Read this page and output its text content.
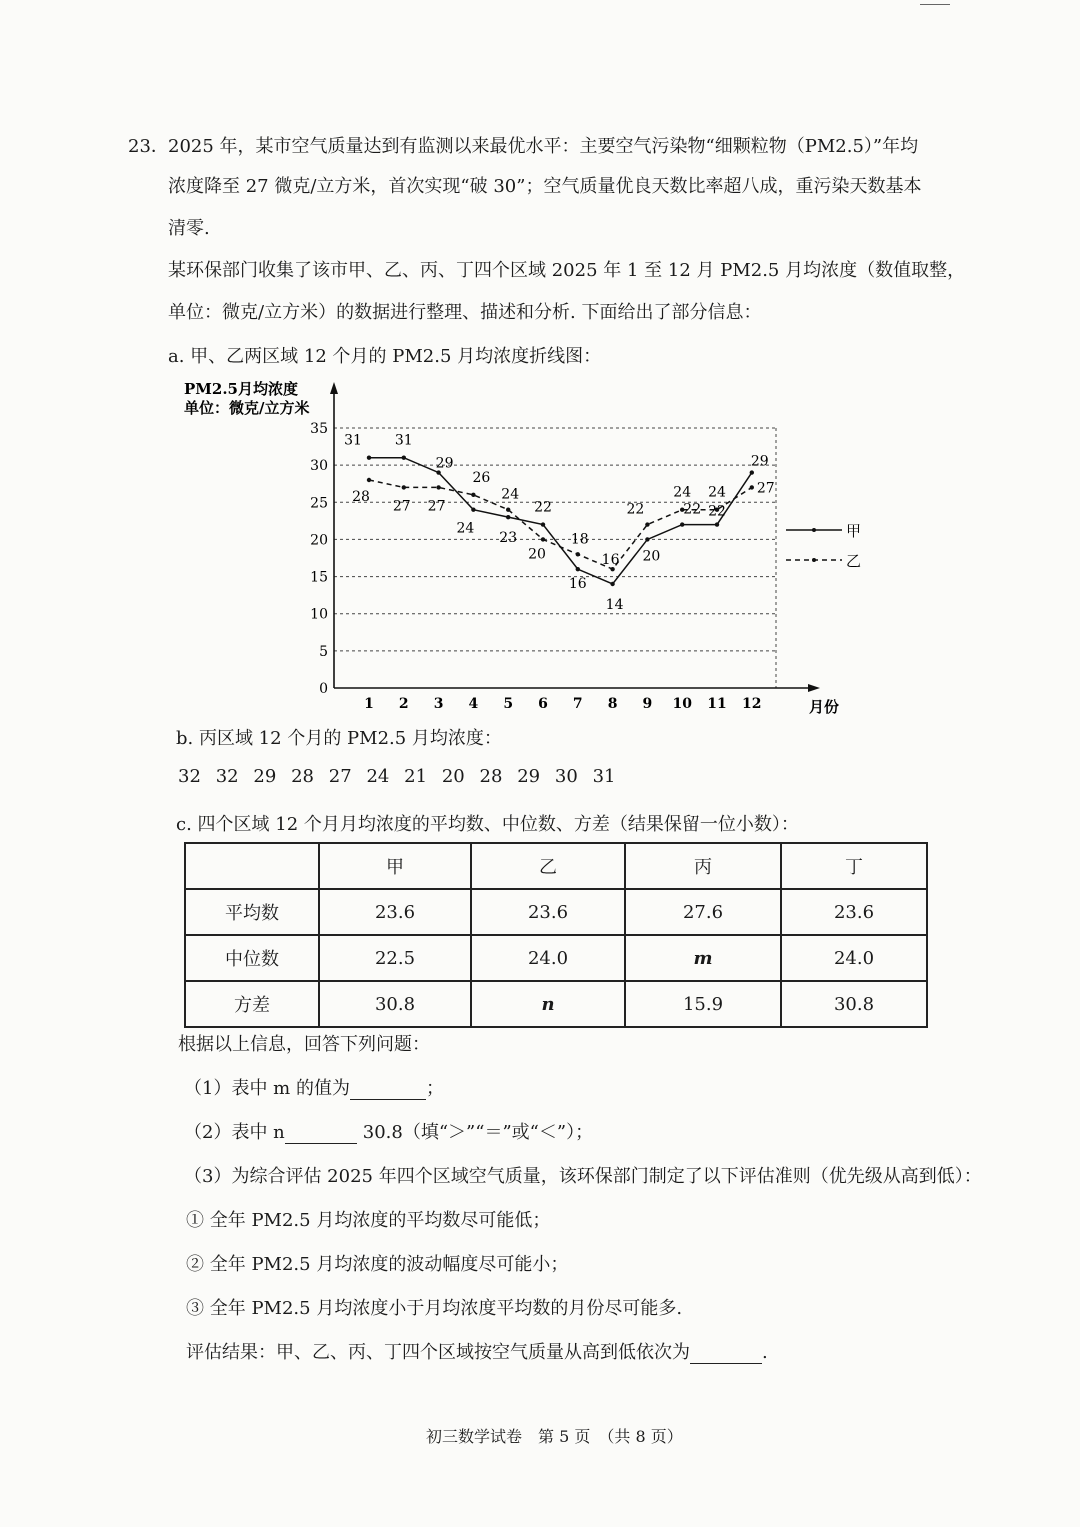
23． 2025 年，某市空气质量达到有监测以来最优水平：主要空气污染物“细颗粒物（PM2.5）”年均
浓度降至 27 微克/立方米，首次实现“破 30”；空气质量优良天数比率超八成，重污染天数基本
清零.
某环保部门收集了该市甲、乙、丙、丁四个区域 2025 年 1 至 12 月 PM2.5 月均浓度（数值取整，
单位：微克/立方米）的数据进行整理、描述和分析. 下面给出了部分信息：
a. 甲、乙两区域 12 个月的 PM2.5 月均浓度折线图：
PM2.5月均浓度
单位：微克/立方米
0
5
10
15
20
25
30
35
1 2 3 4 5 6 7 8 9 10 11 12	月份
31 31
29
24
23
22
16
14
20
22 22
29
28
27 27
26
24
20
18
16
22
24 24 27
甲
乙
b. 丙区域 12 个月的 PM2.5 月均浓度：
32 32 29 28 27 24 21 20 28 29 30 31
c. 四个区域 12 个月月均浓度的平均数、中位数、方差（结果保留一位小数）：
	甲	乙	丙	丁
平均数	23.6	23.6	27.6	23.6
中位数	22.5	24.0	m	24.0
方差	30.8	n	15.9	30.8
根据以上信息，回答下列问题：
（1）表中 m 的值为	；
（2）表中 n	30.8（填“＞”“＝”或“＜”）；
（3）为综合评估 2025 年四个区域空气质量，该环保部门制定了以下评估准则（优先级从高到低）：
① 全年 PM2.5 月均浓度的平均数尽可能低；
② 全年 PM2.5 月均浓度的波动幅度尽可能小；
③ 全年 PM2.5 月均浓度小于月均浓度平均数的月份尽可能多.
评估结果：甲、乙、丙、丁四个区域按空气质量从高到低依次为	.
初三数学试卷　第 5 页　（共 8 页）
